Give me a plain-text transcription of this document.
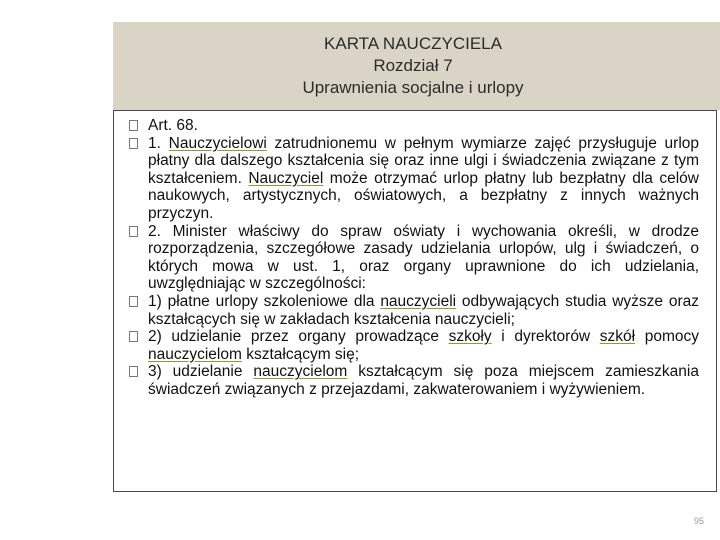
KARTA NAUCZYCIELA
Rozdział 7
Uprawnienia socjalne i urlopy
Art. 68.
1. Nauczycielowi zatrudnionemu w pełnym wymiarze zajęć przysługuje urlop płatny dla dalszego kształcenia się oraz inne ulgi i świadczenia związane z tym kształceniem. Nauczyciel może otrzymać urlop płatny lub bezpłatny dla celów naukowych, artystycznych, oświatowych, a bezpłatny z innych ważnych przyczyn.
2. Minister właściwy do spraw oświaty i wychowania określi, w drodze rozporządzenia, szczegółowe zasady udzielania urlopów, ulg i świadczeń, o których mowa w ust. 1, oraz organy uprawnione do ich udzielania, uwzględniając w szczególności:
1) płatne urlopy szkoleniowe dla nauczycieli odbywających studia wyższe oraz kształcących się w zakładach kształcenia nauczycieli;
2) udzielanie przez organy prowadzące szkoły i dyrektorów szkół pomocy nauczycielom kształcącym się;
3) udzielanie nauczycielom kształcącym się poza miejscem zamieszkania świadczeń związanych z przejazdami, zakwaterowaniem i wyżywieniem.
95
